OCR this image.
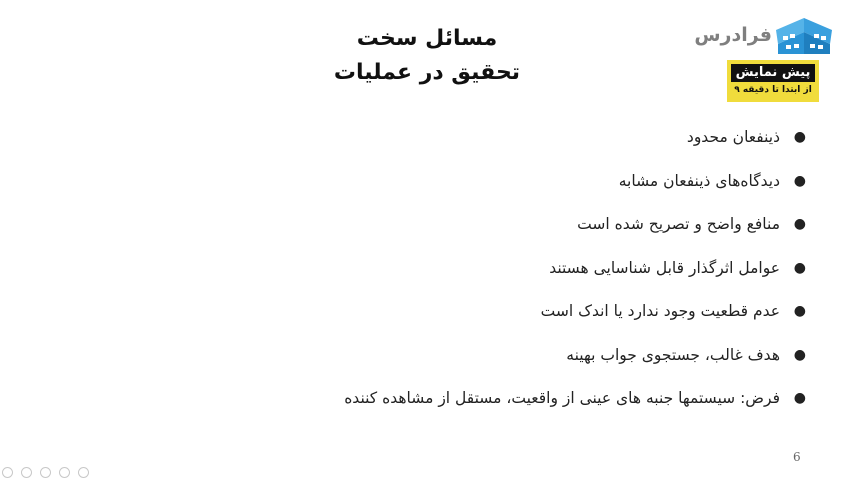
مسائل سخت
تحقیق در عملیات
فرادرس
پیش نمایش
از ابتدا تا دقیقه ۹
●
ذینفعان محدود
●
دیدگاه‌های ذینفعان مشابه
●
منافع واضح و تصریح شده است
●
عوامل اثرگذار قابل شناسایی هستند
●
عدم قطعیت وجود ندارد یا اندک است
●
هدف غالب، جستجوی جواب بهینه
●
فرض: سیستمها جنبه های عینی از واقعیت، مستقل از مشاهده کننده
6
